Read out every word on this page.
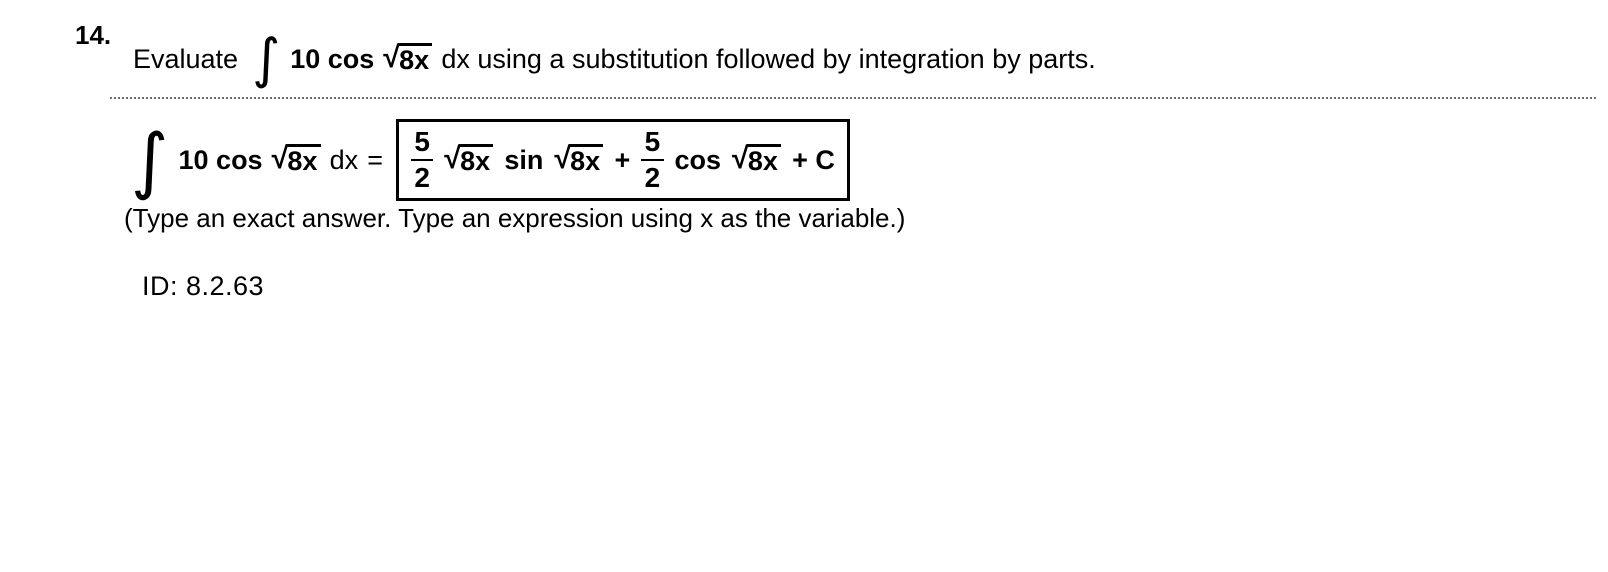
14.
Evaluate ∫ 10 cos √ 8x dx using a substitution followed by integration by parts.
∫ 10 cos √ 8x dx = $\frac{5}{2}$ √ 8x sin √ $8x + \frac{5}{2}$ cos √ 8x + C
(Type an exact answer. Type an expression using x as the variable.)
ID: 8.2.63
